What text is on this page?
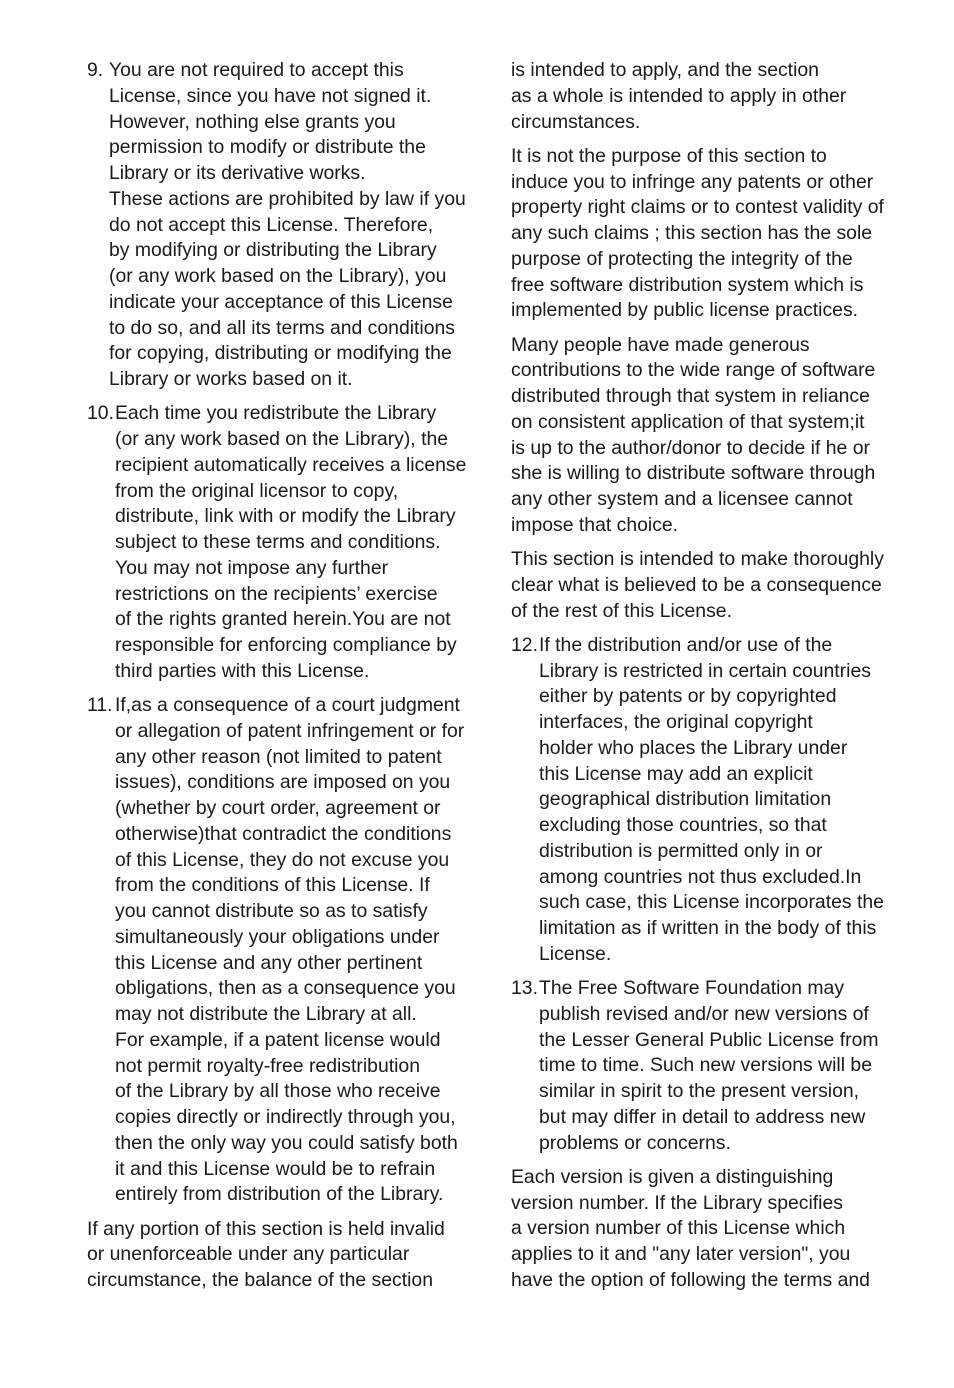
9. You are not required to accept this
License, since you have not signed it.
However, nothing else grants you
permission to modify or distribute the
Library or its derivative works.
These actions are prohibited by law if you
do not accept this License. Therefore,
by modifying or distributing the Library
(or any work based on the Library), you
indicate your acceptance of this License
to do so, and all its terms and conditions
for copying, distributing or modifying the
Library or works based on it.
10. Each time you redistribute the Library
(or any work based on the Library), the
recipient automatically receives a license
from the original licensor to copy,
distribute, link with or modify the Library
subject to these terms and conditions.
You may not impose any further
restrictions on the recipients’ exercise
of the rights granted herein.You are not
responsible for enforcing compliance by
third parties with this License.
11. If,as a consequence of a court judgment
or allegation of patent infringement or for
any other reason (not limited to patent
issues), conditions are imposed on you
(whether by court order, agreement or
otherwise)that contradict the conditions
of this License, they do not excuse you
from the conditions of this License. If
you cannot distribute so as to satisfy
simultaneously your obligations under
this License and any other pertinent
obligations, then as a consequence you
may not distribute the Library at all.
For example, if a patent license would
not permit royalty-free redistribution
of the Library by all those who receive
copies directly or indirectly through you,
then the only way you could satisfy both
it and this License would be to refrain
entirely from distribution of the Library.
If any portion of this section is held invalid
or unenforceable under any particular
circumstance, the balance of the section
is intended to apply, and the section
as a whole is intended to apply in other
circumstances.
It is not the purpose of this section to
induce you to infringe any patents or other
property right claims or to contest validity of
any such claims ; this section has the sole
purpose of protecting the integrity of the
free software distribution system which is
implemented by public license practices.
Many people have made generous
contributions to the wide range of software
distributed through that system in reliance
on consistent application of that system;it
is up to the author/donor to decide if he or
she is willing to distribute software through
any other system and a licensee cannot
impose that choice.
This section is intended to make thoroughly
clear what is believed to be a consequence
of the rest of this License.
12. If the distribution and/or use of the
Library is restricted in certain countries
either by patents or by copyrighted
interfaces, the original copyright
holder who places the Library under
this License may add an explicit
geographical distribution limitation
excluding those countries, so that
distribution is permitted only in or
among countries not thus excluded.In
such case, this License incorporates the
limitation as if written in the body of this
License.
13. The Free Software Foundation may
publish revised and/or new versions of
the Lesser General Public License from
time to time. Such new versions will be
similar in spirit to the present version,
but may differ in detail to address new
problems or concerns.
Each version is given a distinguishing
version number. If the Library specifies
a version number of this License which
applies to it and "any later version", you
have the option of following the terms and
